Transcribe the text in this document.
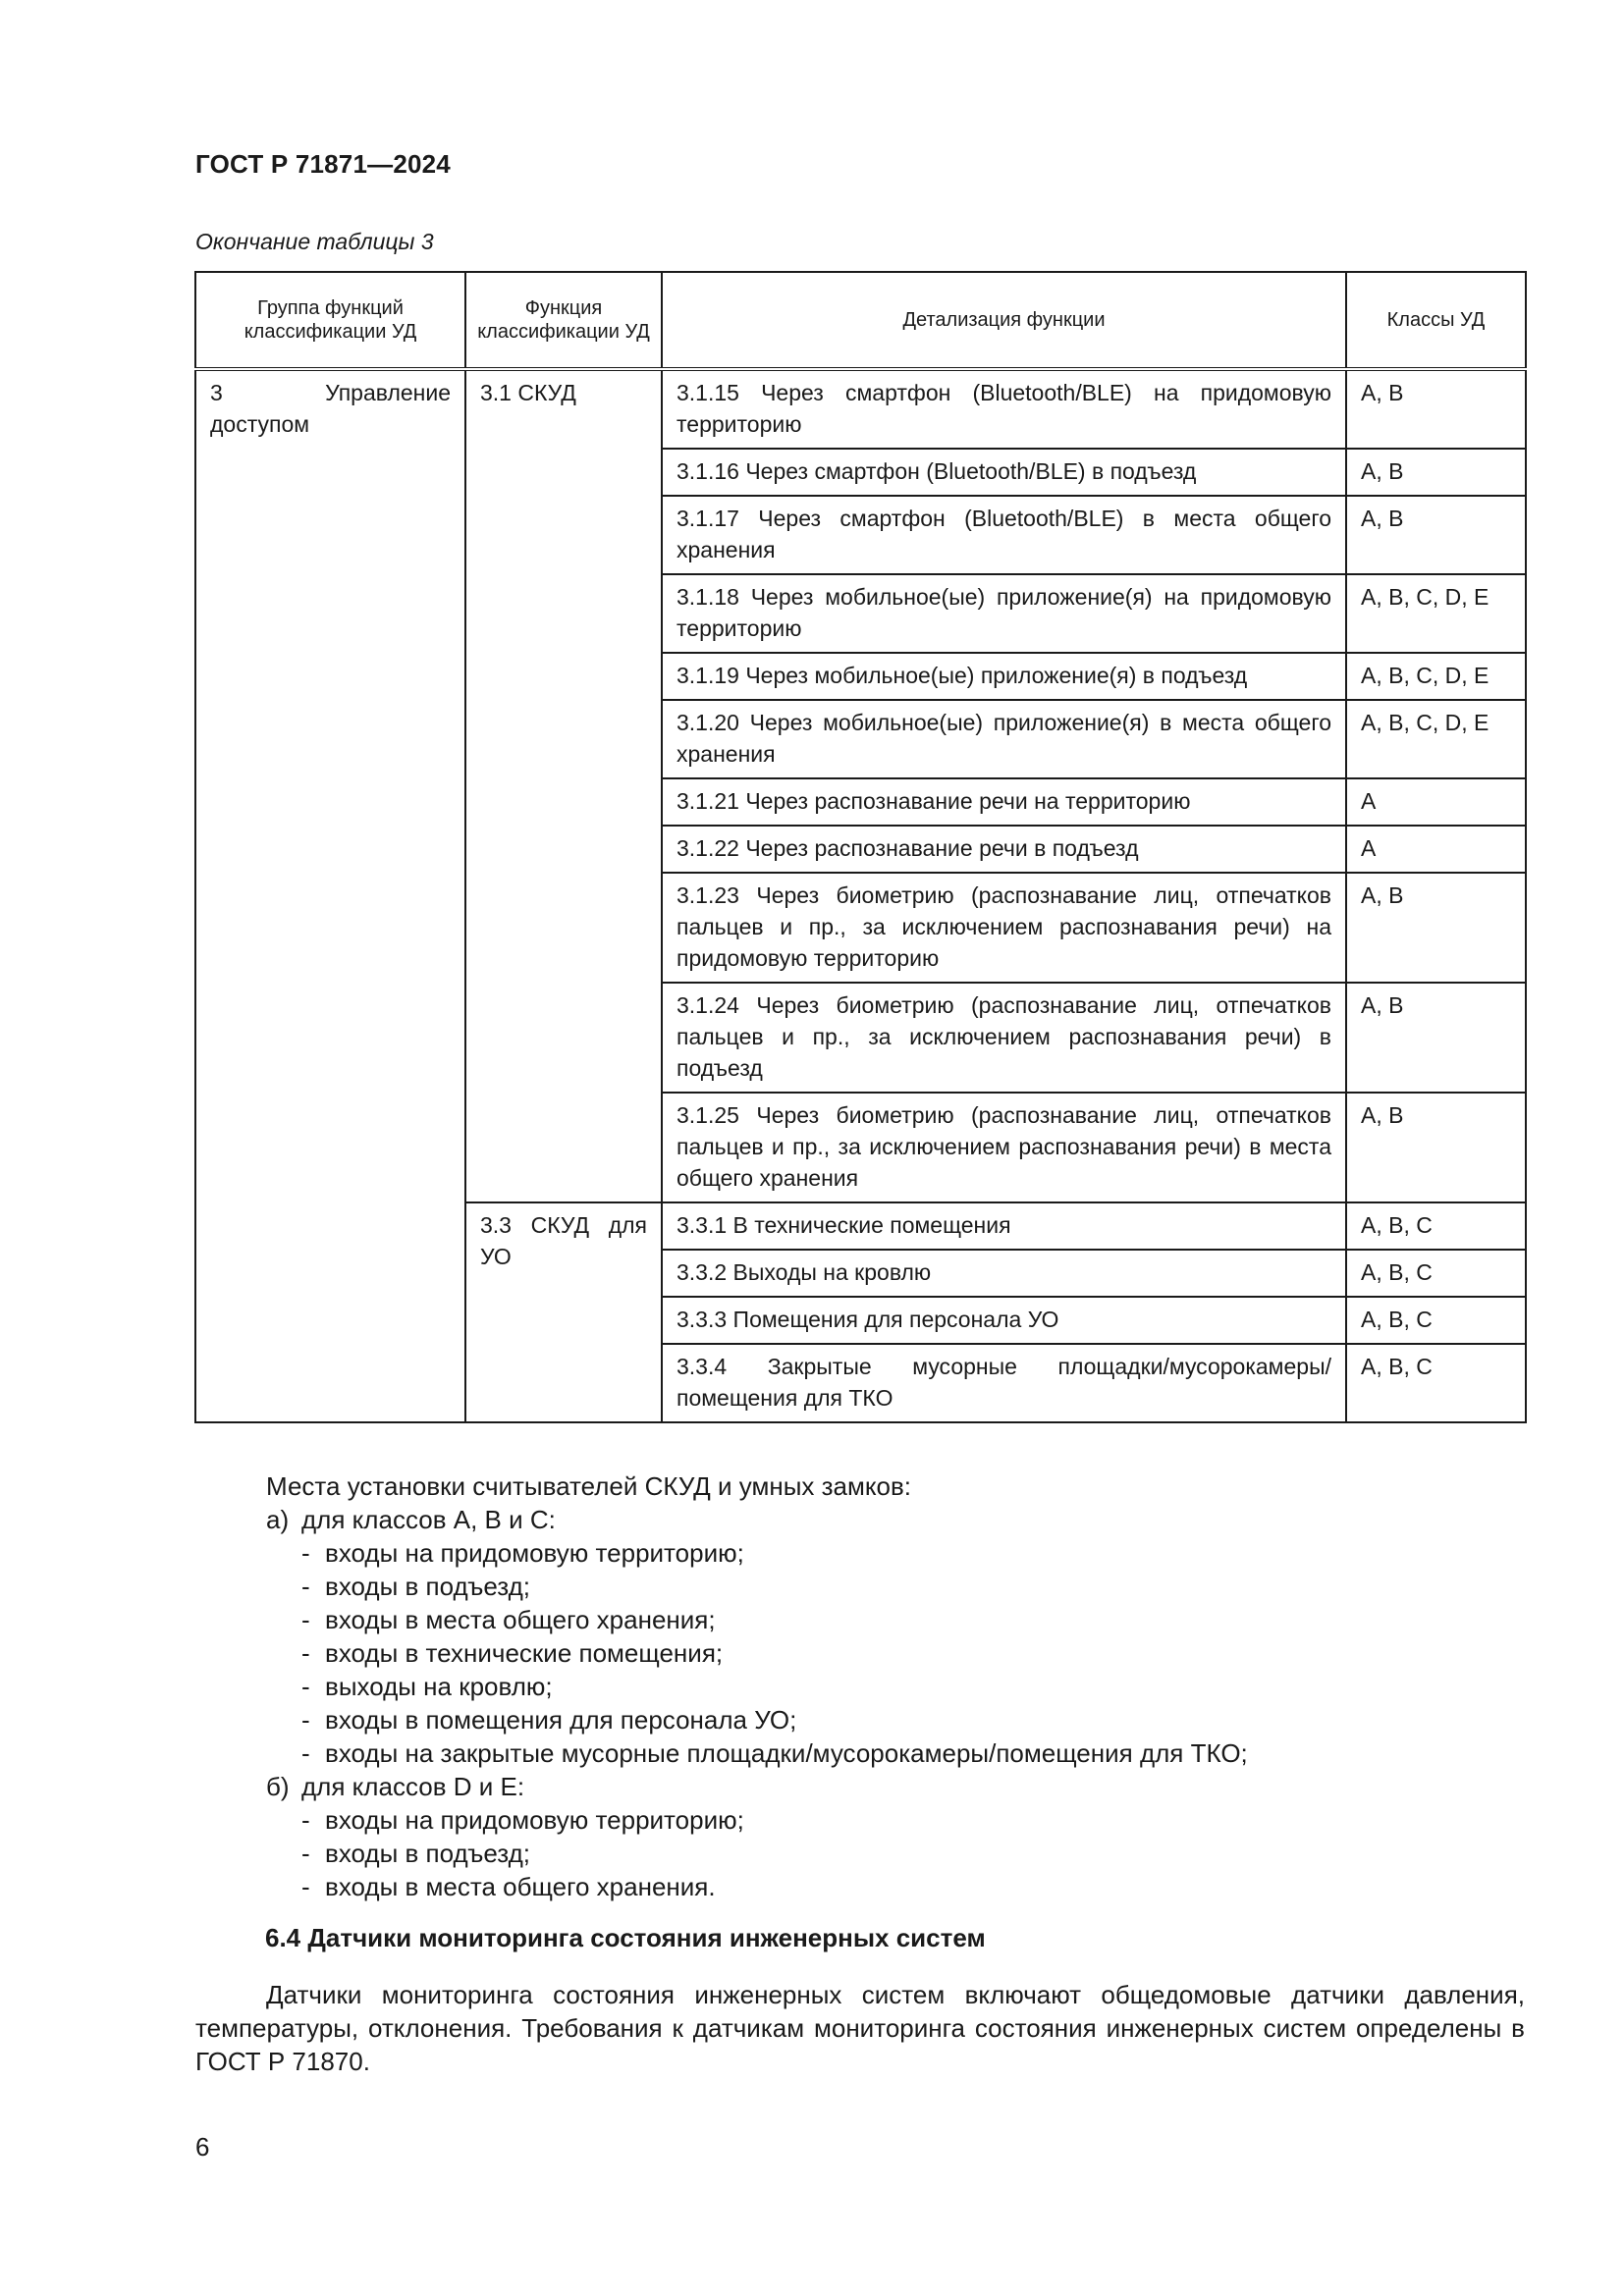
ГОСТ Р 71871—2024
Окончание таблицы 3
Группа функций классификации УД	Функция классификации УД	Детализация функции	Классы УД
3 Управление доступом	3.1 СКУД	3.1.15 Через смартфон (Bluetooth/BLE) на придомовую территорию	A, B
		3.1.16 Через смартфон (Bluetooth/BLE) в подъезд	A, B
		3.1.17 Через смартфон (Bluetooth/BLE) в места общего хранения	A, B
		3.1.18 Через мобильное(ые) приложение(я) на придомовую территорию	A, B, C, D, E
		3.1.19 Через мобильное(ые) приложение(я) в подъезд	A, B, C, D, E
		3.1.20 Через мобильное(ые) приложение(я) в места общего хранения	A, B, C, D, E
		3.1.21 Через распознавание речи на территорию	A
		3.1.22 Через распознавание речи в подъезд	A
		3.1.23 Через биометрию (распознавание лиц, отпечатков пальцев и пр., за исключением распознавания речи) на придомовую территорию	A, B
		3.1.24 Через биометрию (распознавание лиц, отпечатков пальцев и пр., за исключением распознавания речи) в подъезд	A, B
		3.1.25 Через биометрию (распознавание лиц, отпечатков пальцев и пр., за исключением распознавания речи) в места общего хранения	A, B
	3.3 СКУД для УО	3.3.1 В технические помещения	A, B, C
		3.3.2 Выходы на кровлю	A, B, C
		3.3.3 Помещения для персонала УО	A, B, C
		3.3.4 Закрытые мусорные площадки/мусорокамеры/помещения для ТКО	A, B, C
Места установки считывателей СКУД и умных замков:
а) для классов A, B и C:
- входы на придомовую территорию;
- входы в подъезд;
- входы в места общего хранения;
- входы в технические помещения;
- выходы на кровлю;
- входы в помещения для персонала УО;
- входы на закрытые мусорные площадки/мусорокамеры/помещения для ТКО;
б) для классов D и E:
- входы на придомовую территорию;
- входы в подъезд;
- входы в места общего хранения.
6.4 Датчики мониторинга состояния инженерных систем
Датчики мониторинга состояния инженерных систем включают общедомовые датчики давления, температуры, отклонения. Требования к датчикам мониторинга состояния инженерных систем определены в ГОСТ Р 71870.
6
